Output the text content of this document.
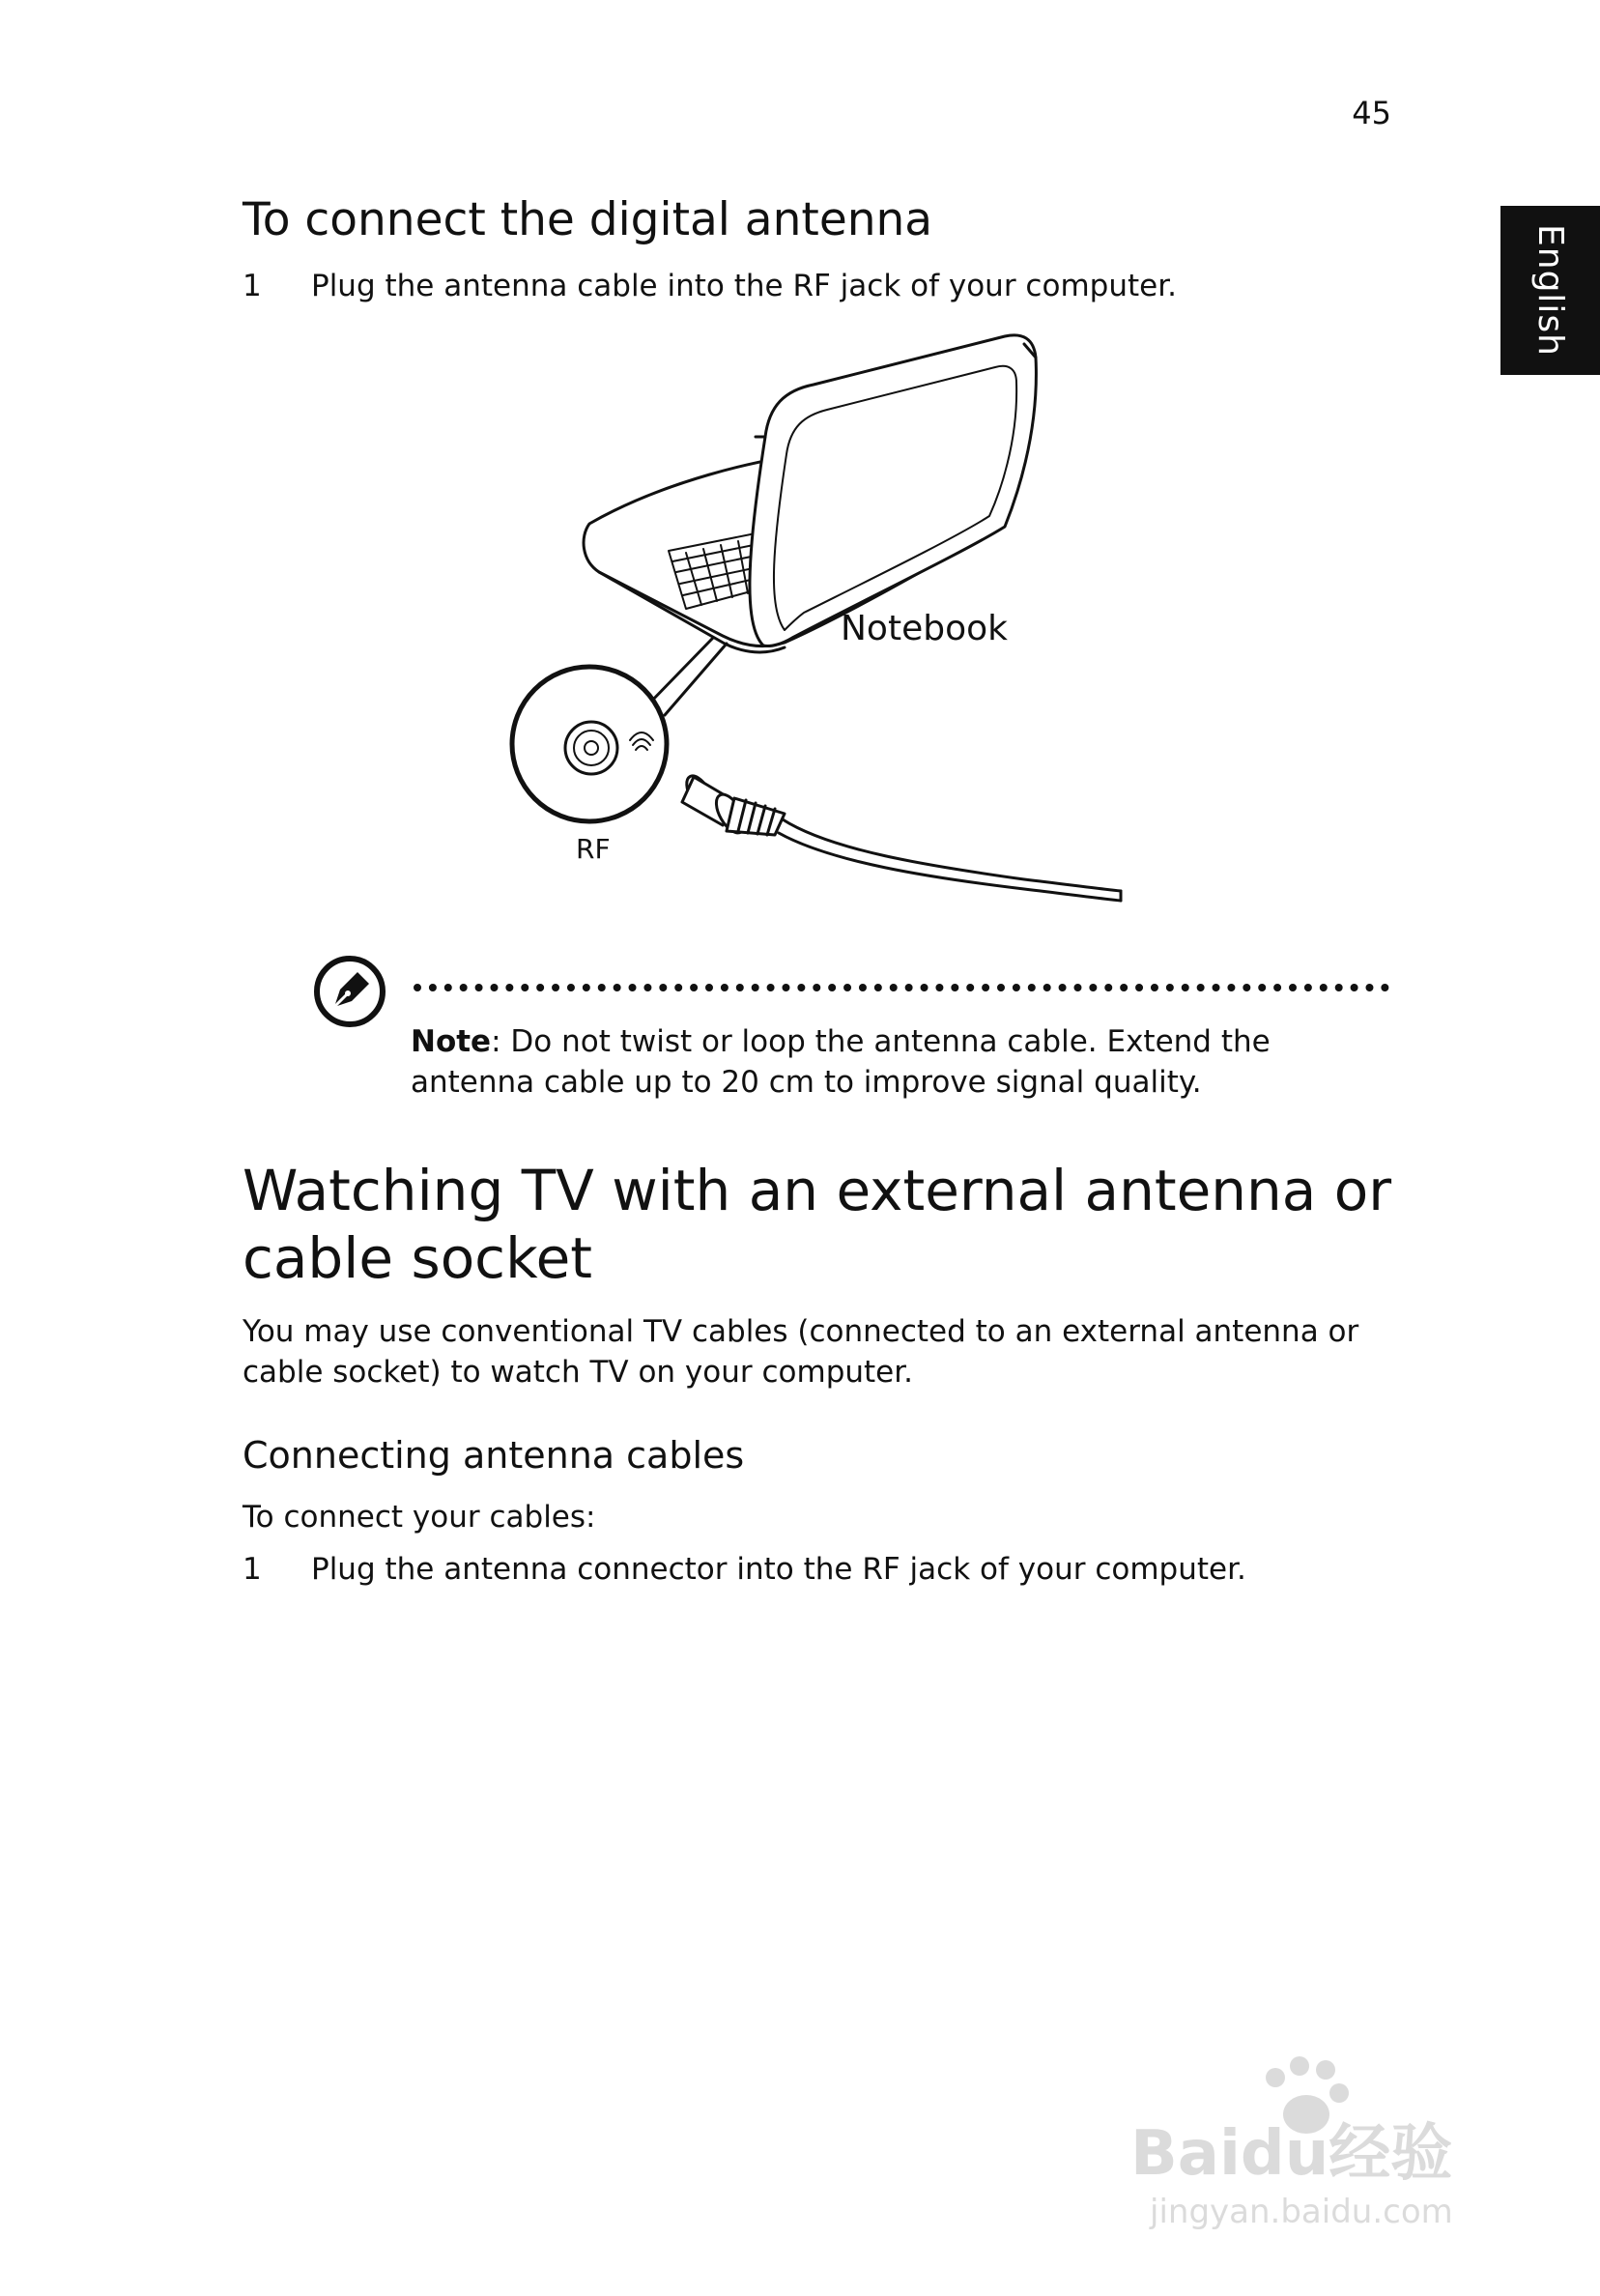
45
English
To connect the digital antenna
1 Plug the antenna cable into the RF jack of your computer.
Notebook
RF
Note: Do not twist or loop the antenna cable. Extend the antenna cable up to 20 cm to improve signal quality.
Watching TV with an external antenna or cable socket
You may use conventional TV cables (connected to an external antenna or cable socket) to watch TV on your computer.
Connecting antenna cables
To connect your cables:
1 Plug the antenna connector into the RF jack of your computer.
Baidu经验
jingyan.baidu.com
